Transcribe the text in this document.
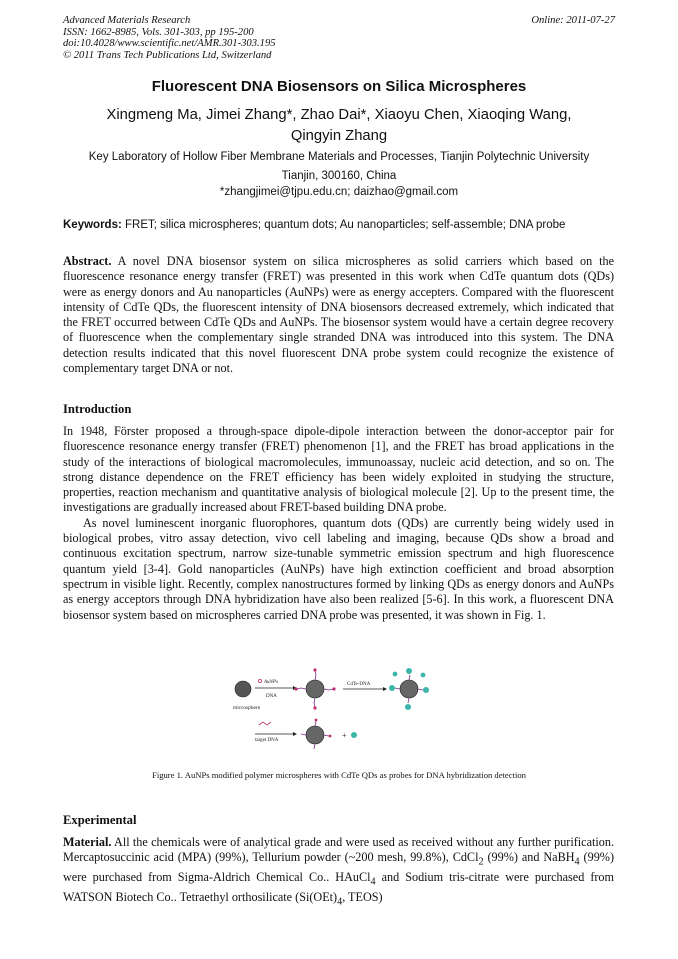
Advanced Materials Research
ISSN: 1662-8985, Vols. 301-303, pp 195-200
doi:10.4028/www.scientific.net/AMR.301-303.195
© 2011 Trans Tech Publications Ltd, Switzerland
Online: 2011-07-27
Fluorescent DNA Biosensors on Silica Microspheres
Xingmeng Ma, Jimei Zhang*, Zhao Dai*, Xiaoyu Chen, Xiaoqing Wang,
Qingyin Zhang
Key Laboratory of Hollow Fiber Membrane Materials and Processes, Tianjin Polytechnic University
Tianjin, 300160, China
*zhangjimei@tjpu.edu.cn; daizhao@gmail.com
Keywords: FRET; silica microspheres; quantum dots; Au nanoparticles; self-assemble; DNA probe
Abstract. A novel DNA biosensor system on silica microspheres as solid carriers which based on the fluorescence resonance energy transfer (FRET) was presented in this work when CdTe quantum dots (QDs) were as energy donors and Au nanoparticles (AuNPs) were as energy accepters. Compared with the fluorescent intensity of CdTe QDs, the fluorescent intensity of DNA biosensors decreased extremely, which indicated that the FRET occurred between CdTe QDs and AuNPs. The biosensor system would have a certain degree recovery of fluorescence when the complementary single stranded DNA was introduced into this system. The DNA detection results indicated that this novel fluorescent DNA probe system could recognize the existence of complementary target DNA or not.
Introduction
In 1948, Förster proposed a through-space dipole-dipole interaction between the donor-acceptor pair for fluorescence resonance energy transfer (FRET) phenomenon [1], and the FRET has broad applications in the study of the interactions of biological macromolecules, immunoassay, nucleic acid detection, and so on. The strong distance dependence on the FRET efficiency has been widely exploited in studying the structure, properties, reaction mechanism and quantitative analysis of biological molecule [2]. Up to the present time, the investigations are gradually increased about FRET-based building DNA probe.
As novel luminescent inorganic fluorophores, quantum dots (QDs) are currently being widely used in biological probes, vitro assay detection, vivo cell labeling and imaging, because QDs show a broad and continuous excitation spectrum, narrow size-tunable symmetric emission spectrum and high fluorescence quantum yield [3-4]. Gold nanoparticles (AuNPs) have high extinction coefficient and broad absorption spectrum in visible light. Recently, complex nanostructures formed by linking QDs as energy donors and AuNPs as energy acceptors through DNA hybridization have also been realized [5-6]. In this work, a fluorescent DNA biosensor system based on microspheres carried DNA probe was presented, it was shown in Fig. 1.
microsphere
AuNPs
DNA
CdTe-DNA
target DNA
+
Figure 1. AuNPs modified polymer microspheres with CdTe QDs as probes for DNA hybridization detection
Experimental
Material. All the chemicals were of analytical grade and were used as received without any further purification. Mercaptosuccinic acid (MPA) (99%), Tellurium powder (~200 mesh, 99.8%), CdCl$_2$ (99%) and NaBH$_4$ (99%) were purchased from Sigma-Aldrich Chemical Co.. HAuCl$_4$ and Sodium tris-citrate were purchased from WATSON Biotech Co.. Tetraethyl orthosilicate ($Si(OEt)_4$, TEOS)
